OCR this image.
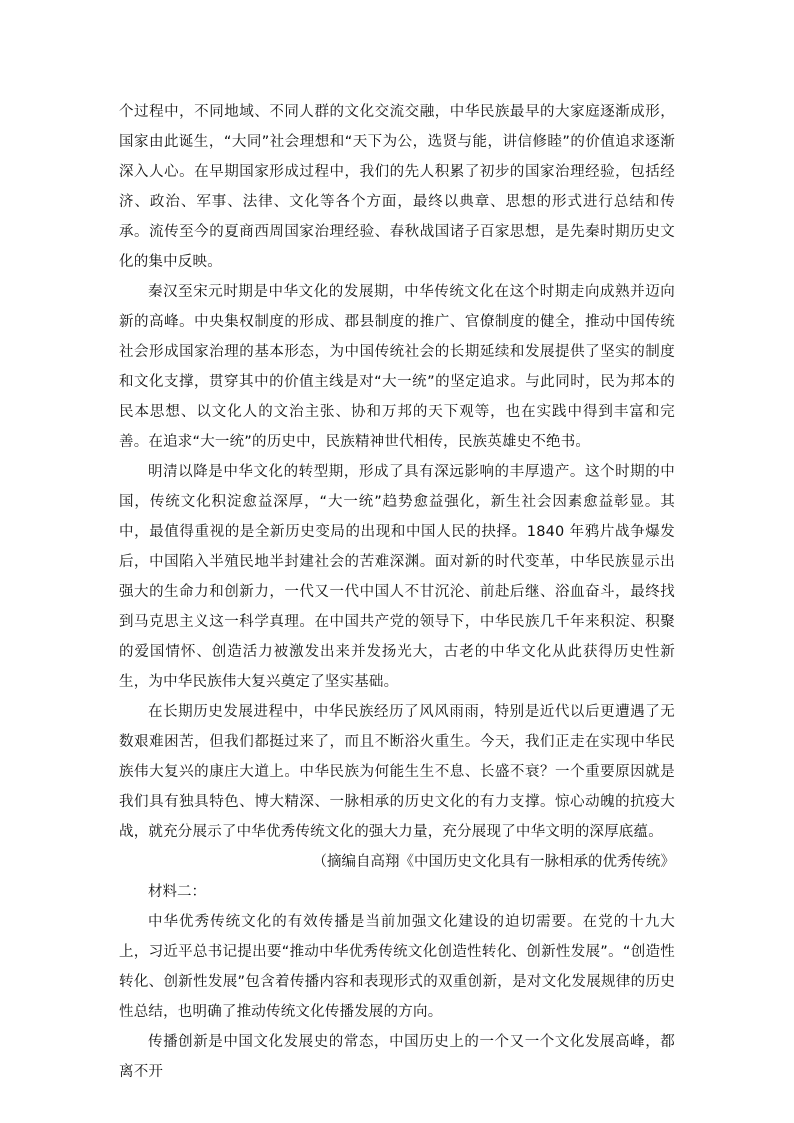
个过程中，不同地域、不同人群的文化交流交融，中华民族最早的大家庭逐渐成形，国家由此诞生，“大同”社会理想和“天下为公，选贤与能，讲信修睦”的价值追求逐渐深入人心。在早期国家形成过程中，我们的先人积累了初步的国家治理经验，包括经济、政治、军事、法律、文化等各个方面，最终以典章、思想的形式进行总结和传承。流传至今的夏商西周国家治理经验、春秋战国诸子百家思想，是先秦时期历史文化的集中反映。

秦汉至宋元时期是中华文化的发展期，中华传统文化在这个时期走向成熟并迈向新的高峰。中央集权制度的形成、郡县制度的推广、官僚制度的健全，推动中国传统社会形成国家治理的基本形态，为中国传统社会的长期延续和发展提供了坚实的制度和文化支撑，贯穿其中的价值主线是对“大一统”的坚定追求。与此同时，民为邦本的民本思想、以文化人的文治主张、协和万邦的天下观等，也在实践中得到丰富和完善。在追求“大一统”的历史中，民族精神世代相传，民族英雄史不绝书。

明清以降是中华文化的转型期，形成了具有深远影响的丰厚遗产。这个时期的中国，传统文化积淀愈益深厚，“大一统”趋势愈益强化，新生社会因素愈益彰显。其中，最值得重视的是全新历史变局的出现和中国人民的抉择。1840 年鸦片战争爆发后，中国陷入半殖民地半封建社会的苦难深渊。面对新的时代变革，中华民族显示出强大的生命力和创新力，一代又一代中国人不甘沉沦、前赴后继、浴血奋斗，最终找到马克思主义这一科学真理。在中国共产党的领导下，中华民族几千年来积淀、积聚的爱国情怀、创造活力被激发出来并发扬光大，古老的中华文化从此获得历史性新生，为中华民族伟大复兴奠定了坚实基础。

在长期历史发展进程中，中华民族经历了风风雨雨，特别是近代以后更遭遇了无数艰难困苦，但我们都挺过来了，而且不断浴火重生。今天，我们正走在实现中华民族伟大复兴的康庄大道上。中华民族为何能生生不息、长盛不衰？一个重要原因就是我们具有独具特色、博大精深、一脉相承的历史文化的有力支撑。惊心动魄的抗疫大战，就充分展示了中华优秀传统文化的强大力量，充分展现了中华文明的深厚底蕴。

（摘编自高翔《中国历史文化具有一脉相承的优秀传统》

材料二：

中华优秀传统文化的有效传播是当前加强文化建设的迫切需要。在党的十九大上，习近平总书记提出要“推动中华优秀传统文化创造性转化、创新性发展”。“创造性转化、创新性发展”包含着传播内容和表现形式的双重创新，是对文化发展规律的历史性总结，也明确了推动传统文化传播发展的方向。

传播创新是中国文化发展史的常态，中国历史上的一个又一个文化发展高峰，都离不开
